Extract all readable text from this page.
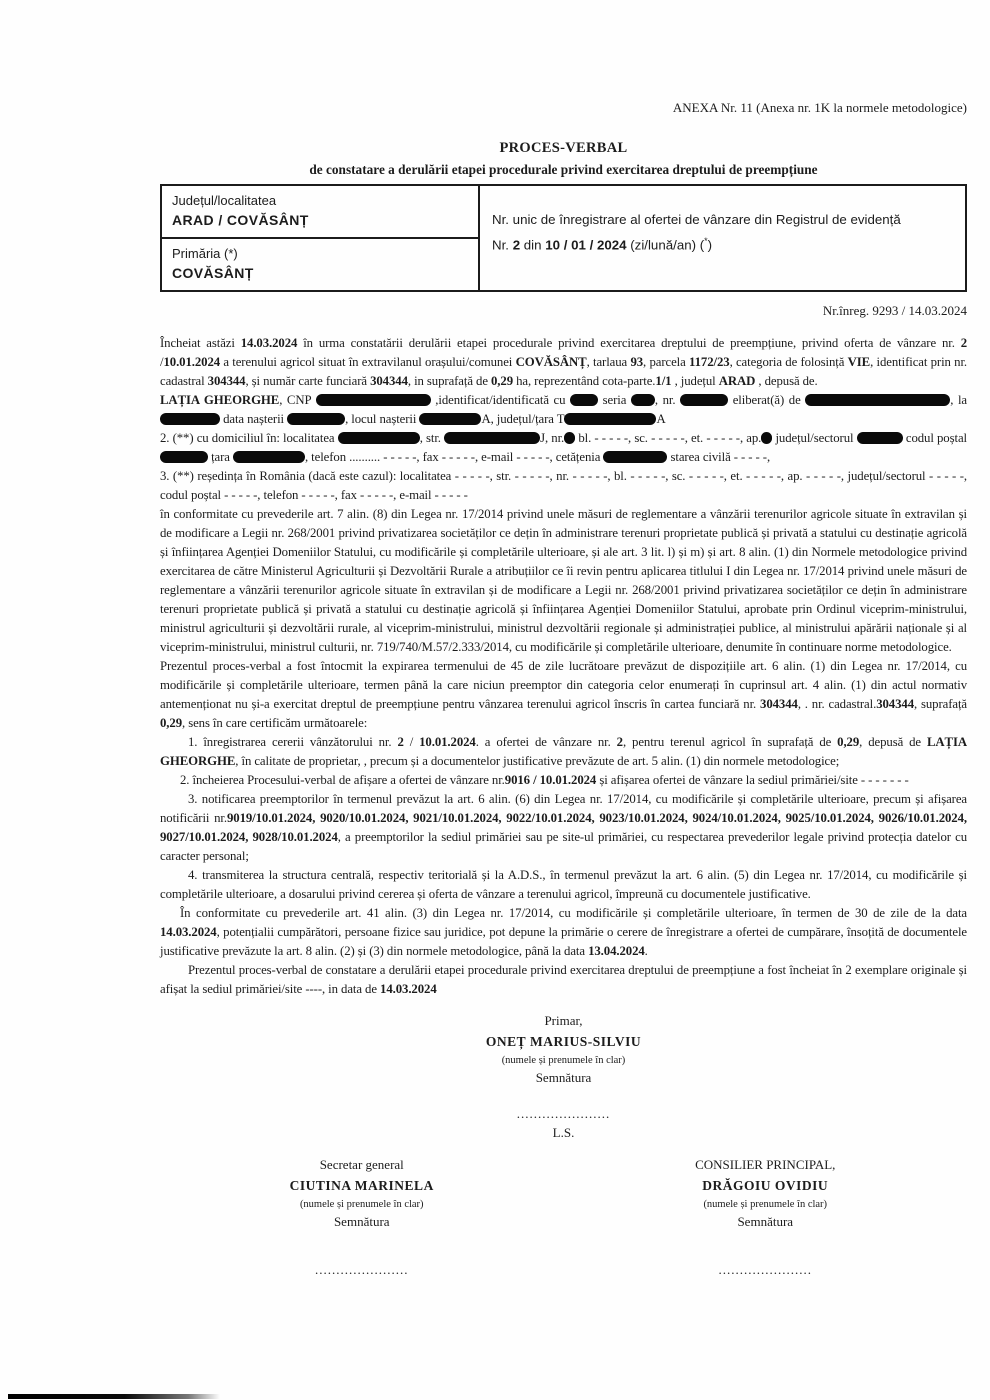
ANEXA Nr. 11 (Anexa nr. 1K la normele metodologice)
PROCES-VERBAL
de constatare a derulării etapei procedurale privind exercitarea dreptului de preempțiune
Județul/localitatea
ARAD / COVĂSÂNȚ
Primăria (*)
COVĂSÂNȚ
Nr. unic de înregistrare al ofertei de vânzare din Registrul de evidență
Nr. 2 din 10 / 01 / 2024 (zi/lună/an) (*)
Nr.înreg. 9293 / 14.03.2024

Încheiat astăzi 14.03.2024 în urma constatării derulării etapei procedurale privind exercitarea dreptului de preempțiune, privind oferta de vânzare nr. 2 /10.01.2024 a terenului agricol situat în extravilanul orașului/comunei COVĂSÂNȚ, tarlaua 93, parcela 1172/23, categoria de folosință VIE, identificat prin nr. cadastral 304344, și număr carte funciară 304344, in suprafață de 0,29 ha, reprezentând cota-parte.1/1 , județul ARAD , depusă de.

LAȚIA GHEORGHE, CNP	,identificat/identificată cu  seria , nr.	eliberat(ă) de	, la  data nașterii	, locul nașterii	A, județul/țara T	A

2. (**) cu domiciliul în: localitatea	, str.	J, nr. bl. - - - - -, sc. - - - - -, et. - - - - -, ap. județul/sectorul	codul poștal  țara	, telefon .......... - - - - -, fax - - - - -, e-mail - - - - -, cetățenia	starea civilă - - - - -,

3. (**) reședința în România (dacă este cazul): localitatea - - - - -, str. - - - - -, nr. - - - - -, bl. - - - - -, sc. - - - - -, et. - - - - -, ap. - - - - -, județul/sectorul - - - - -, codul poștal - - - - -, telefon - - - - -, fax - - - - -, e-mail - - - - -

în conformitate cu prevederile art. 7 alin. (8) din Legea nr. 17/2014 privind unele măsuri de reglementare a vânzării terenurilor agricole situate în extravilan și de modificare a Legii nr. 268/2001 privind privatizarea societăților ce dețin în administrare terenuri proprietate publică și privată a statului cu destinație agricolă și înființarea Agenției Domeniilor Statului, cu modificările și completările ulterioare, și ale art. 3 lit. l) și m) și art. 8 alin. (1) din Normele metodologice privind exercitarea de către Ministerul Agriculturii și Dezvoltării Rurale a atribuțiilor ce îi revin pentru aplicarea titlului I din Legea nr. 17/2014 privind unele măsuri de reglementare a vânzării terenurilor agricole situate în extravilan și de modificare a Legii nr. 268/2001 privind privatizarea societăților ce dețin în administrare terenuri proprietate publică și privată a statului cu destinație agricolă și înființarea Agenției Domeniilor Statului, aprobate prin Ordinul viceprim-ministrului, ministrul agriculturii și dezvoltării rurale, al viceprim-ministrului, ministrul dezvoltării regionale și administrației publice, al ministrului apărării naționale și al viceprim-ministrului, ministrul culturii, nr. 719/740/M.57/2.333/2014, cu modificările și completările ulterioare, denumite în continuare norme metodologice.

Prezentul proces-verbal a fost întocmit la expirarea termenului de 45 de zile lucrătoare prevăzut de dispozițiile art. 6 alin. (1) din Legea nr. 17/2014, cu modificările și completările ulterioare, termen până la care niciun preemptor din categoria celor enumerați în cuprinsul art. 4 alin. (1) din actul normativ antemenționat nu și-a exercitat dreptul de preempțiune pentru vânzarea terenului agricol înscris în cartea funciară nr. 304344, . nr. cadastral.304344, suprafață 0,29, sens în care certificăm următoarele:

1. înregistrarea cererii vânzătorului nr. 2 / 10.01.2024. a ofertei de vânzare nr. 2, pentru terenul agricol în suprafață de 0,29, depusă de LAȚIA GHEORGHE, în calitate de proprietar, , precum și a documentelor justificative prevăzute de art. 5 alin. (1) din normele metodologice;

2. încheierea Procesului-verbal de afișare a ofertei de vânzare nr.9016 / 10.01.2024 și afișarea ofertei de vânzare la sediul primăriei/site - - - - - - -

3. notificarea preemptorilor în termenul prevăzut la art. 6 alin. (6) din Legea nr. 17/2014, cu modificările și completările ulterioare, precum și afișarea notificării nr.9019/10.01.2024, 9020/10.01.2024, 9021/10.01.2024, 9022/10.01.2024, 9023/10.01.2024, 9024/10.01.2024, 9025/10.01.2024, 9026/10.01.2024, 9027/10.01.2024, 9028/10.01.2024, a preemptorilor la sediul primăriei sau pe site-ul primăriei, cu respectarea prevederilor legale privind protecția datelor cu caracter personal;

4. transmiterea la structura centrală, respectiv teritorială și la A.D.S., în termenul prevăzut la art. 6 alin. (5) din Legea nr. 17/2014, cu modificările și completările ulterioare, a dosarului privind cererea și oferta de vânzare a terenului agricol, împreună cu documentele justificative.

În conformitate cu prevederile art. 41 alin. (3) din Legea nr. 17/2014, cu modificările și completările ulterioare, în termen de 30 de zile de la data 14.03.2024, potențialii cumpărători, persoane fizice sau juridice, pot depune la primărie o cerere de înregistrare a ofertei de cumpărare, însoțită de documentele justificative prevăzute la art. 8 alin. (2) și (3) din normele metodologice, până la data 13.04.2024.

Prezentul proces-verbal de constatare a derulării etapei procedurale privind exercitarea dreptului de preempțiune a fost încheiat în 2 exemplare originale și afișat la sediul primăriei/site ----, in data de 14.03.2024

Primar,
ONEȚ MARIUS-SILVIU
(numele și prenumele în clar)
Semnătura
......................
L.S.
Secretar general
CIUTINA MARINELA
(numele și prenumele în clar)
Semnătura
CONSILIER PRINCIPAL,
DRĂGOIU OVIDIU
(numele și prenumele în clar)
Semnătura
......................	......................
